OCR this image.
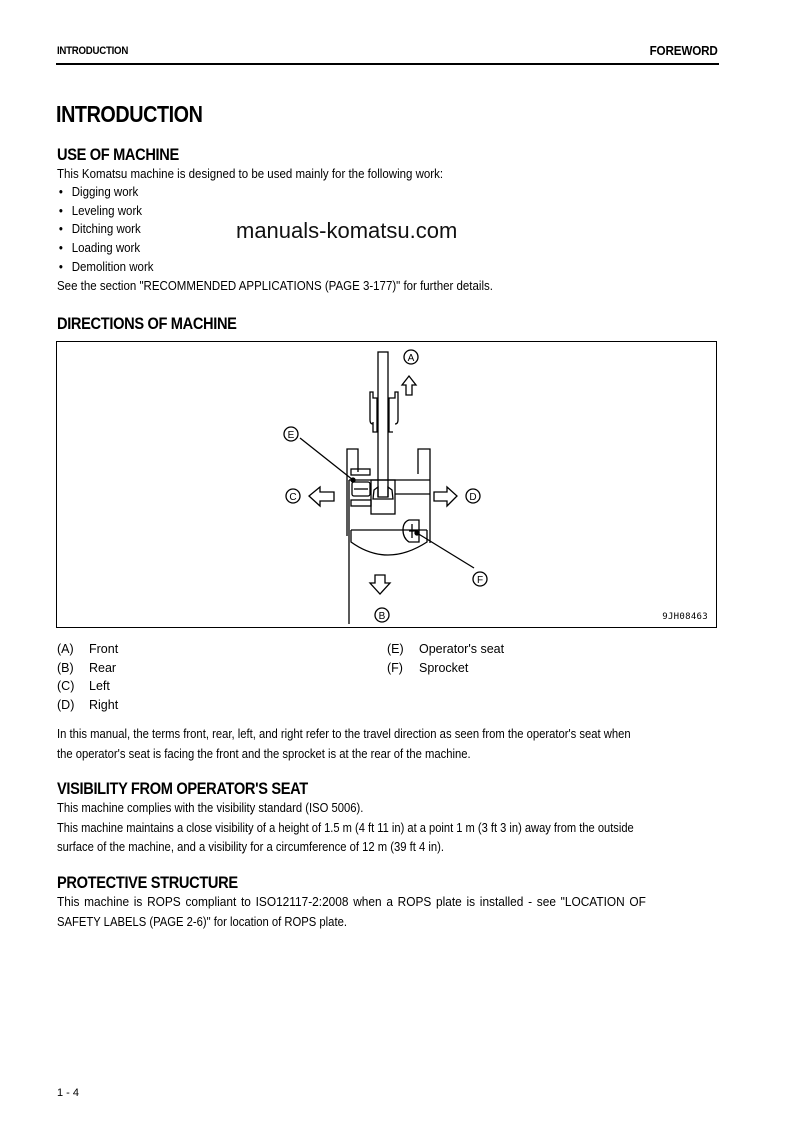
INTRODUCTION	FOREWORD
INTRODUCTION
USE OF MACHINE
This Komatsu machine is designed to be used mainly for the following work:
• Digging work
• Leveling work
• Ditching work
• Loading work
• Demolition work
manuals-komatsu.com
See the section "RECOMMENDED APPLICATIONS (PAGE 3-177)" for further details.
DIRECTIONS OF MACHINE
A
B
C	D
E
F
9JH08463
(A)	Front
(B)	Rear
(C)	Left
(D)	Right
(E)	Operator's seat
(F)	Sprocket
In this manual, the terms front, rear, left, and right refer to the travel direction as seen from the operator's seat when
the operator's seat is facing the front and the sprocket is at the rear of the machine.
VISIBILITY FROM OPERATOR'S SEAT
This machine complies with the visibility standard (ISO 5006).
This machine maintains a close visibility of a height of 1.5 m (4 ft 11 in) at a point 1 m (3 ft 3 in) away from the outside
surface of the machine, and a visibility for a circumference of 12 m (39 ft 4 in).
PROTECTIVE STRUCTURE
This machine is ROPS compliant to ISO12117-2:2008 when a ROPS plate is installed - see "LOCATION OF
SAFETY LABELS (PAGE 2-6)" for location of ROPS plate.
1 - 4
